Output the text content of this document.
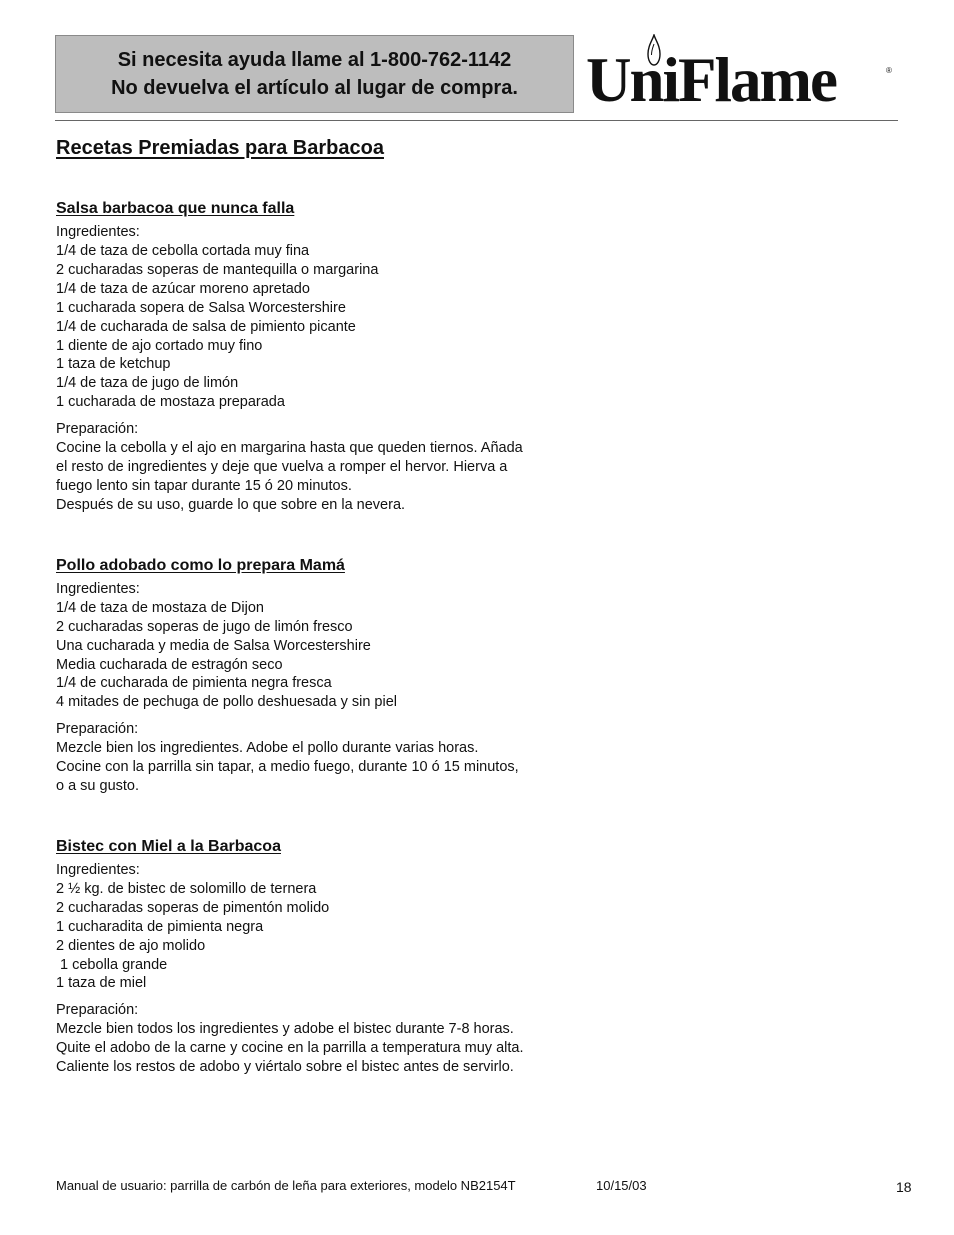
Si necesita ayuda llame al 1-800-762-1142
No devuelva el artículo al lugar de compra. UniFlame	®
Recetas Premiadas para Barbacoa
Salsa barbacoa que nunca falla
Ingredientes:
1/4 de taza de cebolla cortada muy fina
2 cucharadas soperas de mantequilla o margarina
1/4 de taza de azúcar moreno apretado
1 cucharada sopera de Salsa Worcestershire
1/4 de cucharada de salsa de pimiento picante
1 diente de ajo cortado muy fino
1 taza de ketchup
1/4 de taza de jugo de limón
1 cucharada de mostaza preparada
Preparación:
Cocine la cebolla y el ajo en margarina hasta que queden tiernos. Añada
el resto de ingredientes y deje que vuelva a romper el hervor. Hierva a
fuego lento sin tapar durante 15 ó 20 minutos.
Después de su uso, guarde lo que sobre en la nevera.
Pollo adobado como lo prepara Mamá
Ingredientes:
1/4 de taza de mostaza de Dijon
2 cucharadas soperas de jugo de limón fresco
Una cucharada y media de Salsa Worcestershire
Media cucharada de estragón seco
1/4 de cucharada de pimienta negra fresca
4 mitades de pechuga de pollo deshuesada y sin piel
Preparación:
Mezcle bien los ingredientes. Adobe el pollo durante varias horas.
Cocine con la parrilla sin tapar, a medio fuego, durante 10 ó 15 minutos,
o a su gusto.
Bistec con Miel a la Barbacoa
Ingredientes:
2 ½ kg. de bistec de solomillo de ternera
2 cucharadas soperas de pimentón molido
1 cucharadita de pimienta negra
2 dientes de ajo molido
1 cebolla grande
1 taza de miel
Preparación:
Mezcle bien todos los ingredientes y adobe el bistec durante 7-8 horas.
Quite el adobo de la carne y cocine en la parrilla a temperatura muy alta.
Caliente los restos de adobo y viértalo sobre el bistec antes de servirlo.
Manual de usuario: parrilla de carbón de leña para exteriores, modelo NB2154T	10/15/03	18
